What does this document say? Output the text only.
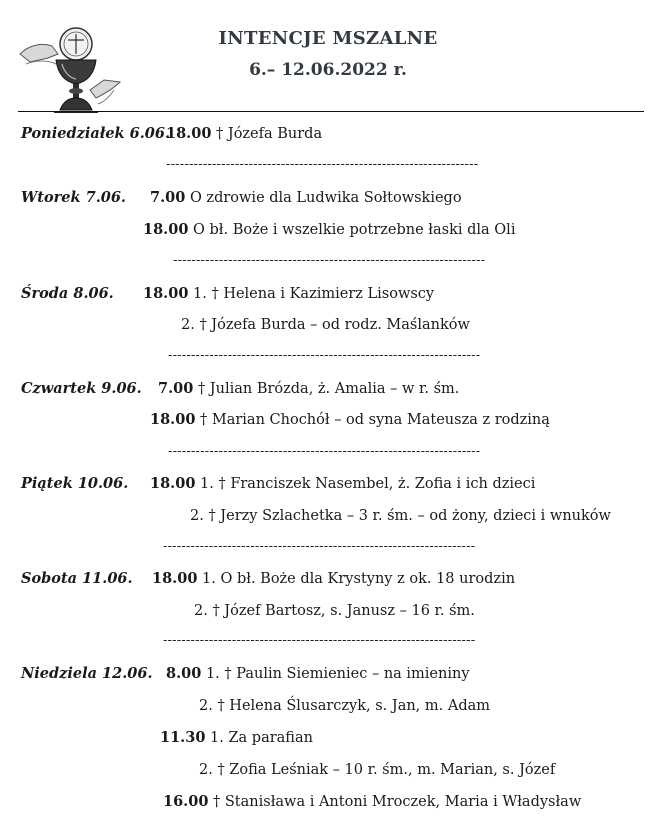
INTENCJE MSZALNE
6.– 12.06.2022 r.
Poniedziałek 6.06.
18.00 † Józefa Burda
--------------------------------------------------------------------
Wtorek 7.06. 7.00 O zdrowie dla Ludwika Sołtowskiego
18.00 O bł. Boże i wszelkie potrzebne łaski dla Oli
--------------------------------------------------------------------
Środa 8.06. 18.00 1. † Helena i Kazimierz Lisowscy
2. † Józefa Burda – od rodz. Maślanków
--------------------------------------------------------------------
Czwartek 9.06. 7.00 † Julian Brózda, ż. Amalia – w r. śm.
18.00 † Marian Chochół – od syna Mateusza z rodziną
--------------------------------------------------------------------
Piątek 10.06. 18.00 1. † Franciszek Nasembel, ż. Zofia i ich dzieci
2. † Jerzy Szlachetka – 3 r. śm. – od żony, dzieci i wnuków
--------------------------------------------------------------------
Sobota 11.06. 18.00 1. O bł. Boże dla Krystyny z ok. 18 urodzin
2. † Józef Bartosz, s. Janusz – 16 r. śm.
--------------------------------------------------------------------
Niedziela 12.06. 8.00 1. † Paulin Siemieniec – na imieniny
2. † Helena Ślusarczyk, s. Jan, m. Adam
11.30 1. Za parafian
2. † Zofia Leśniak – 10 r. śm., m. Marian, s. Józef
16.00 † Stanisława i Antoni Mroczek, Maria i Władysław
